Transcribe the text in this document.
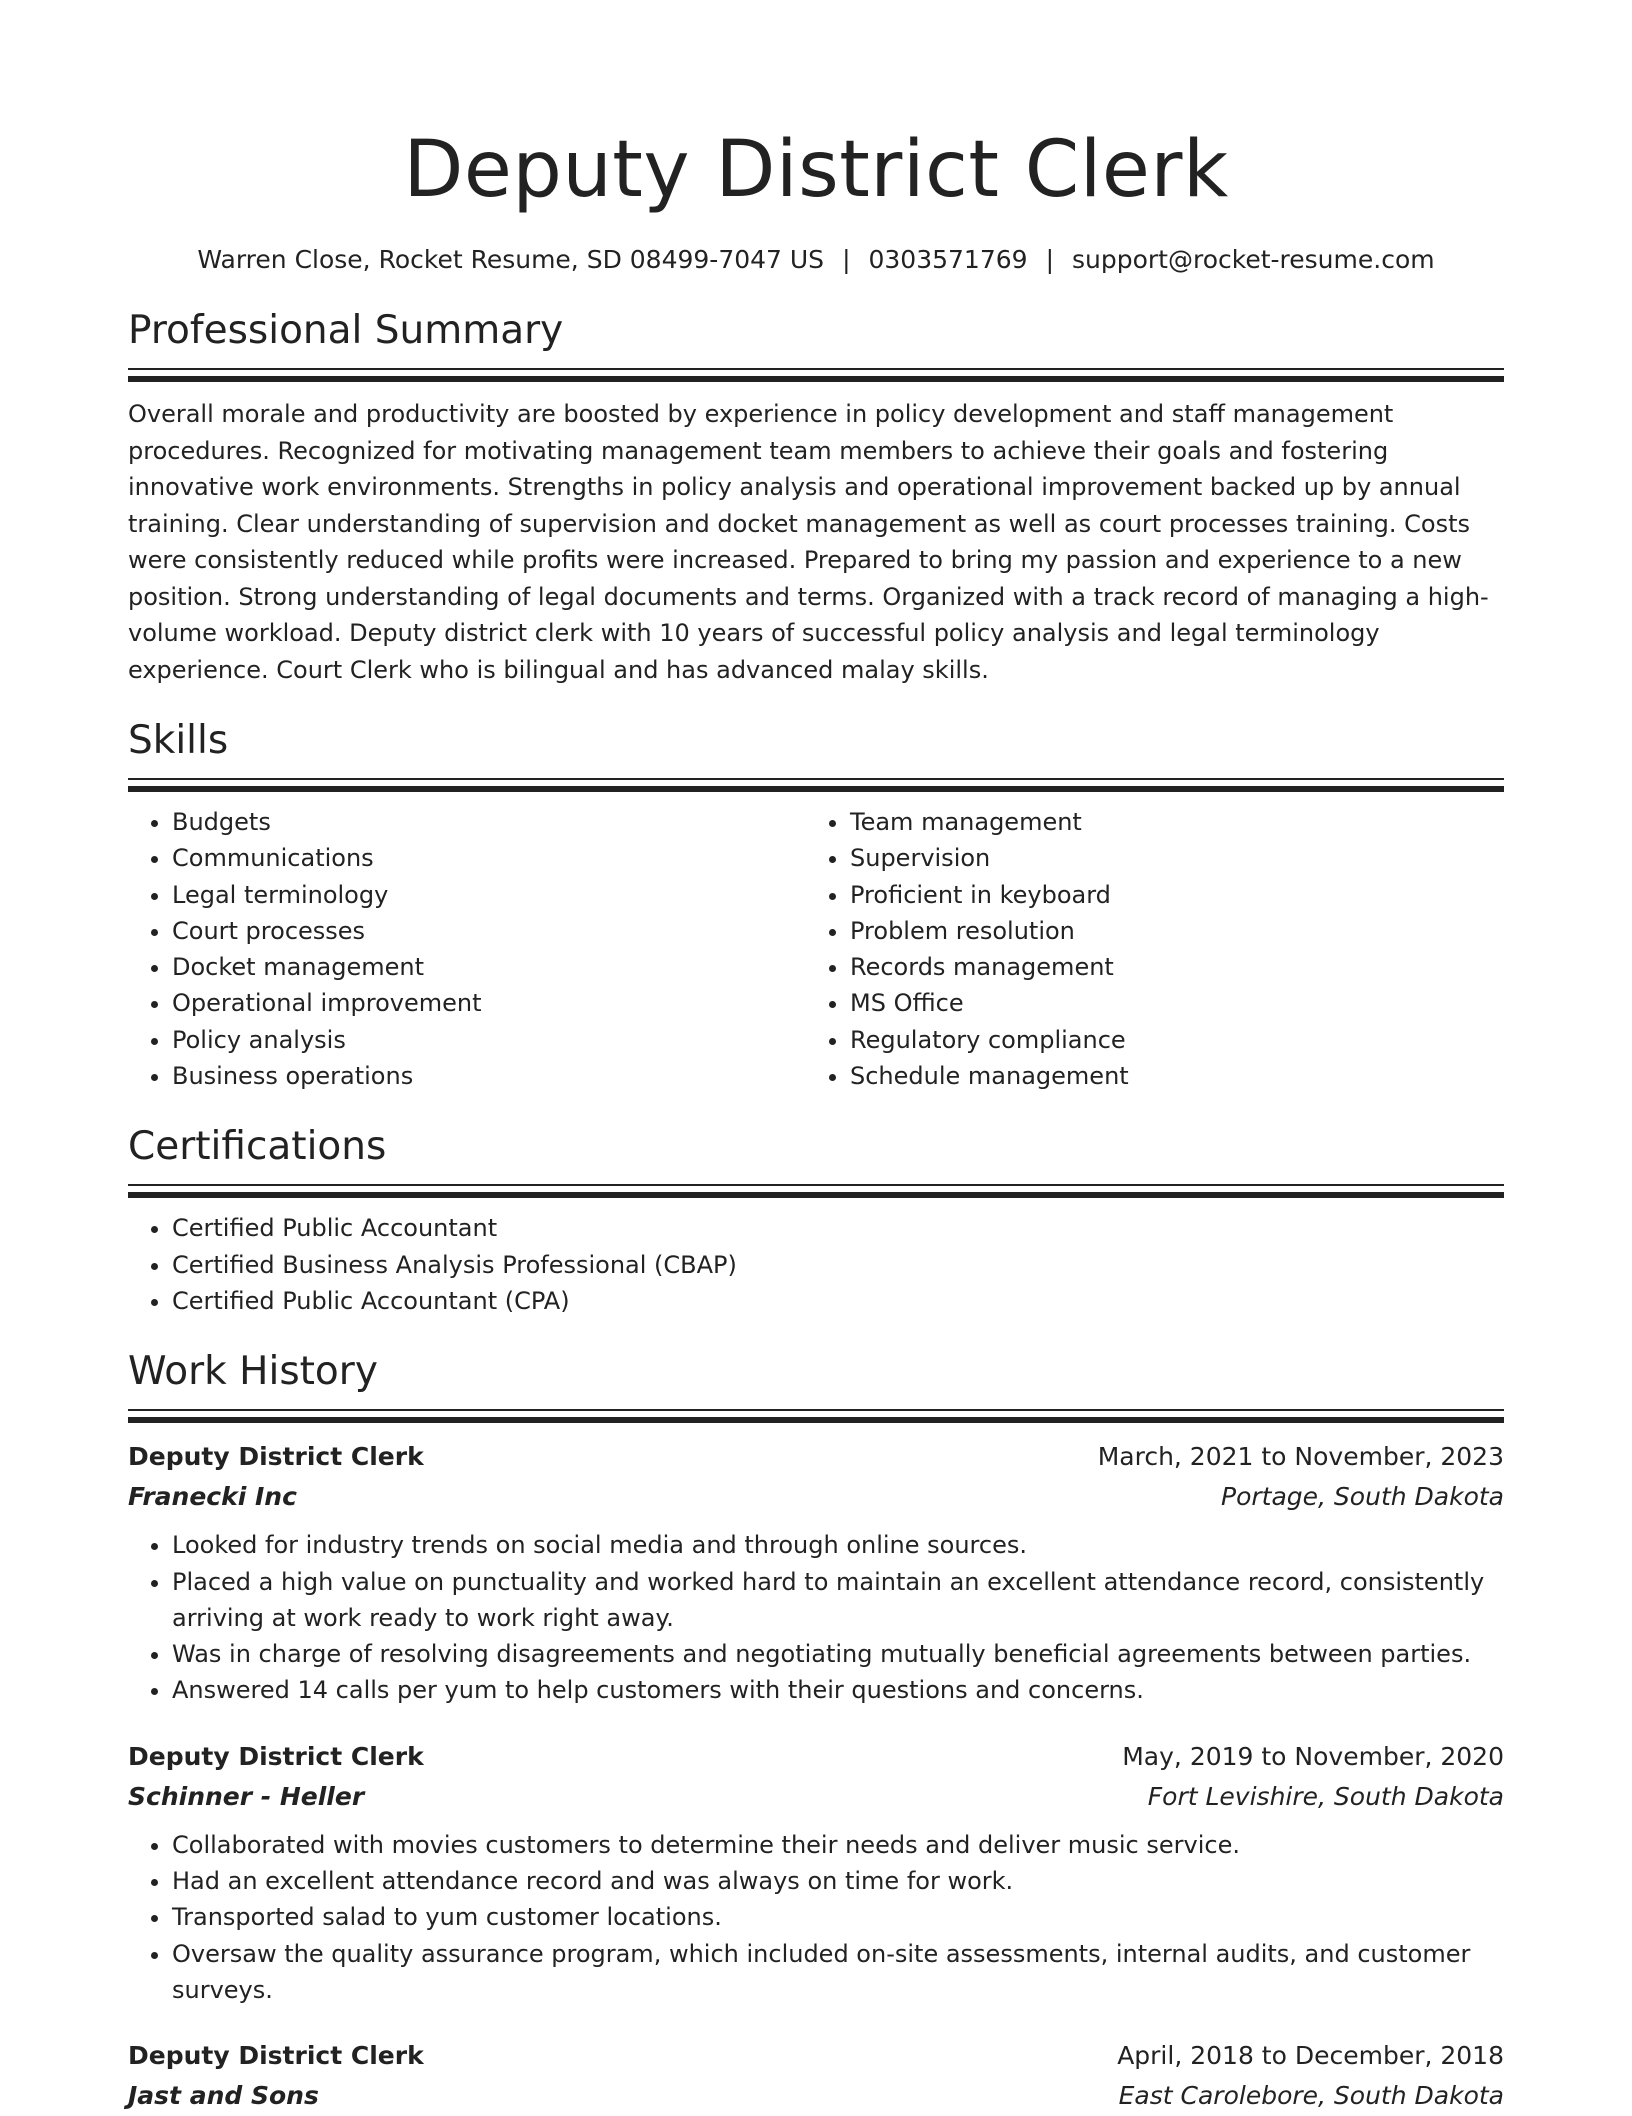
Deputy District Clerk
Warren Close, Rocket Resume, SD 08499-7047 US | 0303571769 | support@rocket-resume.com
Professional Summary

Overall morale and productivity are boosted by experience in policy development and staff management procedures. Recognized for motivating management team members to achieve their goals and fostering innovative work environments. Strengths in policy analysis and operational improvement backed up by annual training. Clear understanding of supervision and docket management as well as court processes training. Costs were consistently reduced while profits were increased. Prepared to bring my passion and experience to a new position. Strong understanding of legal documents and terms. Organized with a track record of managing a high-volume workload. Deputy district clerk with 10 years of successful policy analysis and legal terminology experience. Court Clerk who is bilingual and has advanced malay skills.

Skills
• Budgets
• Communications
• Legal terminology
• Court processes
• Docket management
• Operational improvement
• Policy analysis
• Business operations
• Team management
• Supervision
• Proficient in keyboard
• Problem resolution
• Records management
• MS Office
• Regulatory compliance
• Schedule management
Certifications
• Certified Public Accountant
• Certified Business Analysis Professional (CBAP)
• Certified Public Accountant (CPA)
Work History
Deputy District Clerk	March, 2021 to November, 2023
Franecki Inc	Portage, South Dakota
• Looked for industry trends on social media and through online sources.
• Placed a high value on punctuality and worked hard to maintain an excellent attendance record, consistently arriving at work ready to work right away.
• Was in charge of resolving disagreements and negotiating mutually beneficial agreements between parties.
• Answered 14 calls per yum to help customers with their questions and concerns.
Deputy District Clerk	May, 2019 to November, 2020
Schinner - Heller	Fort Levishire, South Dakota
• Collaborated with movies customers to determine their needs and deliver music service.
• Had an excellent attendance record and was always on time for work.
• Transported salad to yum customer locations.
• Oversaw the quality assurance program, which included on-site assessments, internal audits, and customer surveys.
Deputy District Clerk	April, 2018 to December, 2018
Jast and Sons	East Carolebore, South Dakota
